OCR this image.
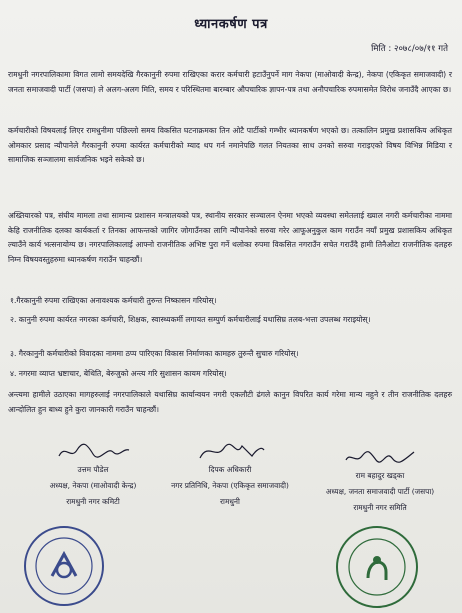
ध्यानकर्षण पत्र
मिति : २०७८/०७/११ गते
रामधुनी नगरपालिकामा विगत लामो समयदेखि गैरकानुनी रुपमा राखिएका करार कर्मचारी हटाउँनुपर्ने माग नेकपा (माओवादी केन्द्र), नेकपा (एकिकृत समाजवादी) र जनता समाजवादी पार्टी (जसपा) ले अलग-अलग मिति, समय र परिस्थितमा बारम्बार औपचारिक ज्ञापन-पत्र तथा अनौपचारिक रुपमासमेत विरोध जनाउँदै आएका छ।
कर्मचारीको विषयलाई लिएर रामधुनीमा पछिल्लो समय विकसित घटनाक्रमका तिन ओटै पार्टीको गम्भीर ध्यानकर्षण भएको छ। तत्कालिन प्रमुख प्रशासकिय अधिकृत ओमकार प्रसाद न्यौपानेले गैरकानुनी रुपमा कार्यरत कर्मचारीको म्याद थप गर्न नमानेपछि गलत नियतका साथ उनको सरुवा गराइएको विषय विभिन्न मिडिया र सामाजिक सञ्जालमा सार्वजनिक भइने सकेको छ।
अख्तियारको पत्र, संघीय मामला तथा सामान्य प्रशासन मन्त्रालयको पत्र, स्थानीय सरकार सञ्चालन ऐनमा भएको व्यवस्था समेतलाई ख्याल नगरी कर्मचारीका नाममा केहि राजनीतिक दलका कार्यकर्ता र तिनका आफन्तको जागिर जोगाउँनका लागि न्यौपानेको सरुवा गरेर आफूअनुकुल काम गराउँन नयाँ प्रमुख प्रशासकिय अधिकृत ल्याउँने कार्य भत्सनायोग्य छ। नगरपालिकालाई आफ्नो राजनीतिक अभिष्ट पुरा गर्ने थलोका रुपमा विकसित नगराउँन सचेत गराउँदै हामी तिनैओटा राजनीतिक दलहरु निम्न विषयवस्तुहरुमा ध्यानकर्षण गराउँन चाहन्छौं।
१.गैरकानुनी रुपमा राखिएका अनावश्यक कर्मचारी तुरुन्त निष्कासन गरियोस्।
२. कानुनी रुपमा कार्यरत नगरका कर्मचारी, शिक्षक, स्वास्थ्यकर्मी लगायत सम्पुर्ण कर्मचारीलाई यथासिघ्र तलब-भत्ता उपलब्ध गराइयोस्।
३. गैरकानुनी कर्मचारीको विवादका नाममा ठप्प पारिएका विकास निर्माणका कामहरु तुरुन्तै सुचारु गरियोस्।
४. नगरमा व्याप्त भ्रष्टाचार, बेथिति, बेरुजुको अन्त्य गरि सुशासन कायम गरियोस्।
अन्त्यमा हामीले उठाएका मागहरुलाई नगरपालिकाले यथासिघ्र कार्यान्वयन नगरी एकलौटी ढंगले कानुन विपरित कार्य गरेमा मान्य नहुने र तीन राजनीतिक दलहरु आन्दोलित हुन बाध्य हुने कुरा जानकारी गराउँन चाहन्छौं।
उत्तम पौडेल
अध्यक्ष, नेकपा (माओवादी केन्द्र)
रामधुनी नगर कमिटी
दिपक अधिकारी
नगर प्रतिनिधि, नेकपा (एकिकृत समाजवादी)
रामधुनी
राम बहादुर खड्का
अध्यक्ष, जनता समाजवादी पार्टी (जसपा)
रामधुनी नगर समिति
